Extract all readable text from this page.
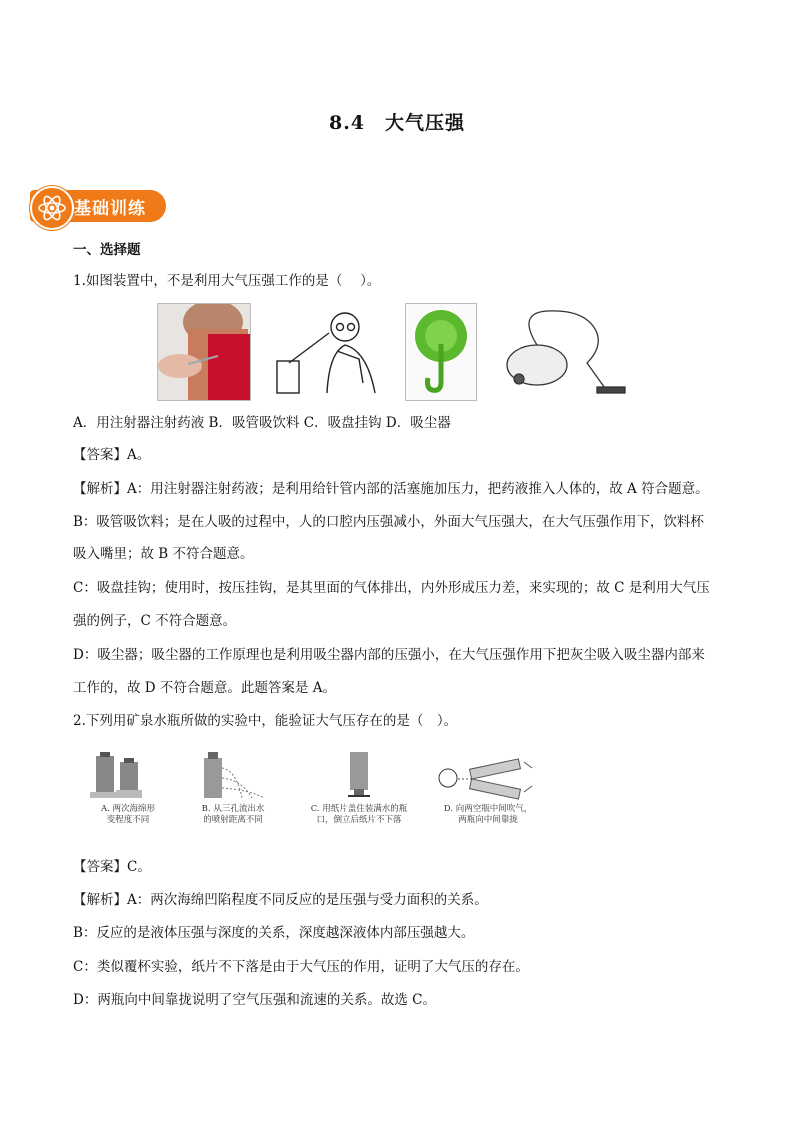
8.4　大气压强
基础训练
一、选择题
1.如图装置中，不是利用大气压强工作的是（　 ）。
A．用注射器注射药液 B．吸管吸饮料 C．吸盘挂钩 D．吸尘器
【答案】A。
【解析】A：用注射器注射药液；是利用给针管内部的活塞施加压力，把药液推入人体的，故 A 符合题意。
B：吸管吸饮料；是在人吸的过程中，人的口腔内压强减小，外面大气压强大，在大气压强作用下，饮料杯
吸入嘴里；故 B 不符合题意。
C：吸盘挂钩；使用时，按压挂钩，是其里面的气体排出，内外形成压力差，来实现的；故 C 是利用大气压
强的例子，C 不符合题意。
D：吸尘器；吸尘器的工作原理也是利用吸尘器内部的压强小，在大气压强作用下把灰尘吸入吸尘器内部来
工作的，故 D 不符合题意。此题答案是 A。
2.下列用矿泉水瓶所做的实验中，能验证大气压存在的是（　）。
A. 两次海绵形
变程度不同
B. 从三孔流出水
的喷射距离不同
C. 用纸片盖住装满水的瓶
口，倒立后纸片不下落
D. 向两空瓶中间吹气，
两瓶向中间靠拢
【答案】C。
【解析】A：两次海绵凹陷程度不同反应的是压强与受力面积的关系。
B：反应的是液体压强与深度的关系，深度越深液体内部压强越大。
C：类似覆杯实验，纸片不下落是由于大气压的作用，证明了大气压的存在。
D：两瓶向中间靠拢说明了空气压强和流速的关系。故选 C。
